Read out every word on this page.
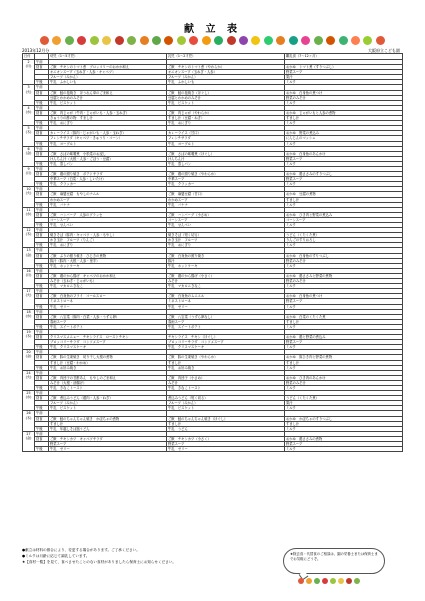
献 立 表
2013年12月分	大阪府立こども園
日付		幼児（1〜5才児）	乳児（1〜2才児）	離乳食（7〜12ヶ月）

2
(月)	午前			
	昼食	ご飯　チキンのトマト煮　ブロッコリーのおかか和え	ご飯　チキンのトマト煮（やわらか）	おかゆ　トマト煮（すりつぶし）
		オニオンスープ（玉ねぎ・人参・キャベツ）	オニオンスープ（玉ねぎ・人参）	野菜スープ
		フルーツ（みかん）	フルーツ（みかん）	果汁
	午後	牛乳　ふかしいも	牛乳　ふかしいも	ミルク

3
(火)	午前			
	昼食	ご飯　鮭の塩焼き　ほうれん草のごま和え	ご飯　鮭の塩焼き（ほぐし）	おかゆ　白身魚の煮つけ
		豆腐とわかめのみそ汁	豆腐とわかめのみそ汁	野菜のみそ汁
	午後	牛乳　ビスケット	牛乳　ビスケット	ミルク

4
(水)	午前			
	昼食	ご飯　肉じゃが（牛肉・じゃがいも・人参・玉ねぎ）	ご飯　肉じゃが（やわらか）	おかゆ　じゃがいもと人参の煮物
		きゅうりの酢の物　すまし汁	すまし汁（豆腐・ねぎ）	すまし汁
	午後	牛乳　おにぎり	牛乳　おにぎり	ミルク

5
(木)	午前			
	昼食	カレーライス（豚肉・じゃがいも・人参・玉ねぎ）	カレーライス（甘口）	おかゆ　野菜の煮込み
		フレンチサラダ（キャベツ・きゅうり・コーン）	フレンチサラダ	にんじんのマッシュ
	午後	牛乳　ヨーグルト	牛乳　ヨーグルト	ミルク

6
(金)	午前			
	昼食	ご飯　さばの味噌煮　小松菜のお浸し	ご飯　さばの味噌煮（ほぐし）	おかゆ　白身魚のあんかけ
		けんちん汁（大根・人参・ごぼう・豆腐）	けんちん汁	野菜スープ
	午後	牛乳　蒸しパン	牛乳　蒸しパン	ミルク

9
(月)	午前			
	昼食	ご飯　鶏の照り焼き　ポテトサラダ	ご飯　鶏の照り焼き（やわらか）	おかゆ　鶏ささみのすりつぶし
		中華スープ（白菜・人参・しいたけ）	中華スープ	野菜スープ
	午後	牛乳　クラッカー	牛乳　クラッカー	ミルク

10
(火)	午前			
	昼食	ご飯　麻婆豆腐　もやしのナムル	ご飯　麻婆豆腐（甘口）	おかゆ　豆腐の煮物
		わかめスープ	わかめスープ	すまし汁
	午後	牛乳　バナナ	牛乳　バナナ	ミルク

11
(水)	午前			
	昼食	ご飯　ハンバーグ　人参のグラッセ	ご飯　ハンバーグ（小さめ）	おかゆ　ひき肉と野菜の煮込み
		コーンスープ	コーンスープ	コーンスープ
	午後	牛乳　せんべい	牛乳　せんべい	ミルク

12
(木)	午前			
	昼食	焼きそば（豚肉・キャベツ・人参・もやし）	焼きそば（短く切る）	うどん（くたくた煮）
		かき玉汁　フルーツ（りんご）	かき玉汁　フルーツ	りんごのすりおろし
	午後	牛乳　おにぎり	牛乳　おにぎり	ミルク

13
(金)	午前			
	昼食	ご飯　ぶりの照り焼き　ひじきの煮物	ご飯　白身魚の照り焼き	おかゆ　白身魚のすりつぶし
		豚汁（豚肉・大根・人参・里芋）	豚汁	野菜のみそ汁
	午後	牛乳　ホットケーキ	牛乳　ホットケーキ	ミルク

16
(月)	午前			
	昼食	ご飯　鶏のから揚げ　キャベツのおかか和え	ご飯　鶏のから揚げ（小さく）	おかゆ　鶏ささみと野菜の煮物
		みそ汁（玉ねぎ・じゃがいも）	みそ汁	野菜のみそ汁
	午後	牛乳　マカロニきなこ	牛乳　マカロニきなこ	ミルク

17
(火)	午前			
	昼食	ご飯　白身魚のフライ　コールスロー	ご飯　白身魚のムニエル	おかゆ　白身魚の煮つけ
		ミネストローネ	ミネストローネ	野菜スープ
	午後	牛乳　ゼリー	牛乳　ゼリー	ミルク

18
(水)	午前			
	昼食	ご飯　八宝菜（豚肉・白菜・人参・うずら卵）	ご飯　八宝菜（うずら卵なし）	おかゆ　白菜のくたくた煮
		春雨スープ	春雨スープ	すまし汁
	午後	牛乳　スイートポテト	牛乳　スイートポテト	ミルク

19
(木)	午前			
	昼食	クリスマスメニュー　チキンライス　ローストチキン	チキンライス　チキン（ほぐし）	おかゆ　鶏と野菜の煮込み
		ブロッコリーサラダ　コンソメスープ	ブロッコリーサラダ　コンソメスープ	野菜スープ
	午後	牛乳　クリスマスケーキ	牛乳　クリスマスケーキ	ミルク

20
(金)	午前			
	昼食	ご飯　豚の生姜焼き　切り干し大根の煮物	ご飯　豚の生姜焼き（やわらか）	おかゆ　豚ひき肉と野菜の煮物
		すまし汁（豆腐・わかめ）	すまし汁	すまし汁
	午後	牛乳　お好み焼き	牛乳　お好み焼き	ミルク

24
(火)	午前			
	昼食	ご飯　肉団子の甘酢あん　もやしのごま和え	ご飯　肉団子（小さめ）	おかゆ　ひき肉のあんかけ
		みそ汁（大根・油揚げ）	みそ汁	野菜のみそ汁
	午後	牛乳　きなこトースト	牛乳　きなこトースト	ミルク

25
(水)	午前			
	昼食	ご飯　煮込みうどん（鶏肉・人参・ねぎ）	煮込みうどん（短く切る）	うどん（くたくた煮）
		フルーツ（みかん）	フルーツ（みかん）	果汁
	午後	牛乳　ビスケット	牛乳　ビスケット	ミルク

26
(木)	午前			
	昼食	ご飯　鮭のちゃんちゃん焼き　かぼちゃの煮物	ご飯　鮭のちゃんちゃん焼き（ほぐし）	おかゆ　かぼちゃのすりつぶし
		すまし汁	すまし汁	すまし汁
	午後	牛乳　年越しそば風うどん	牛乳　うどん	ミルク

27
(金)	午前			
	昼食	ご飯　チキンカツ　キャベツサラダ	ご飯　チキンカツ（小さく）	おかゆ　鶏ささみの煮物
		野菜スープ	野菜スープ	野菜スープ
	午後	牛乳　ゼリー	牛乳　ゼリー	ミルク
●献立は材料の都合により、変更する場合があります。ご了承ください。
●ミルクは月齢に応じて調乳しています。
★【食材一覧】を見て、食べさせたことのない食材がありましたら保育士にお知らせください。
★除去食・代替食のご相談は、園の栄養士または保育士までお気軽にどうぞ。
